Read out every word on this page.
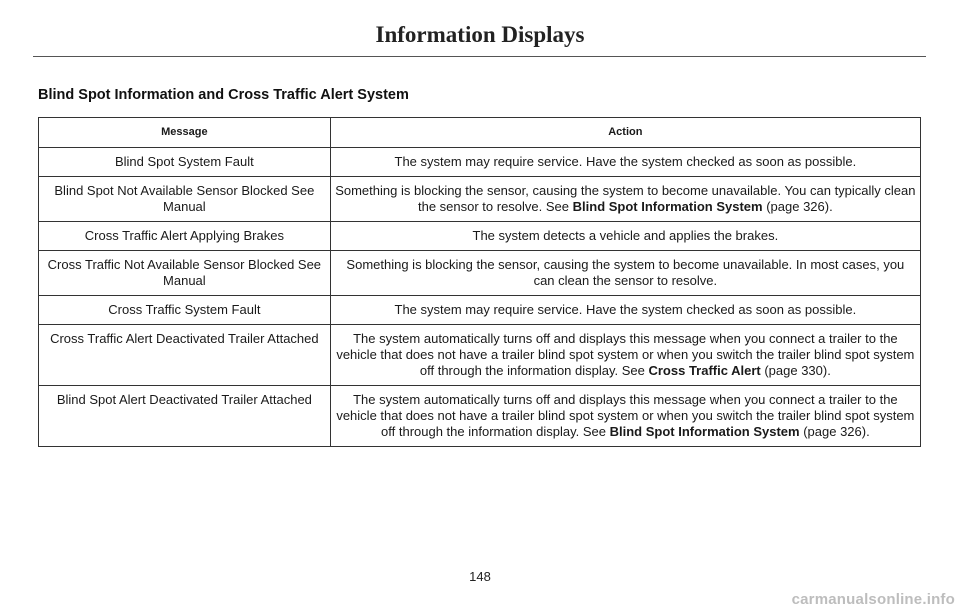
Information Displays
Blind Spot Information and Cross Traffic Alert System
Message	Action
Blind Spot System Fault	The system may require service. Have the system checked as soon as possible.
Blind Spot Not Available Sensor Blocked See Manual	Something is blocking the sensor, causing the system to become unavailable. You can typically clean the sensor to resolve. See Blind Spot Information System (page 326).
Cross Traffic Alert Applying Brakes	The system detects a vehicle and applies the brakes.
Cross Traffic Not Available Sensor Blocked See Manual	Something is blocking the sensor, causing the system to become unavailable. In most cases, you can clean the sensor to resolve.
Cross Traffic System Fault	The system may require service. Have the system checked as soon as possible.
Cross Traffic Alert Deactivated Trailer Attached	The system automatically turns off and displays this message when you connect a trailer to the vehicle that does not have a trailer blind spot system or when you switch the trailer blind spot system off through the information display. See Cross Traffic Alert (page 330).
Blind Spot Alert Deactivated Trailer Attached	The system automatically turns off and displays this message when you connect a trailer to the vehicle that does not have a trailer blind spot system or when you switch the trailer blind spot system off through the information display. See Blind Spot Information System (page 326).
148
carmanualsonline.info
